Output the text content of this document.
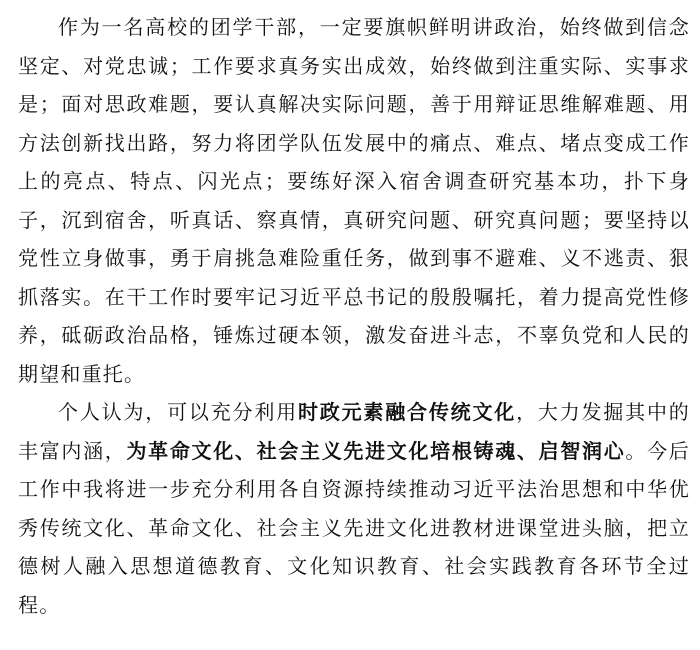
作为一名高校的团学干部，一定要旗帜鲜明讲政治，始终做到信念坚定、对党忠诚；工作要求真务实出成效，始终做到注重实际、实事求是；面对思政难题，要认真解决实际问题，善于用辩证思维解难题、用方法创新找出路，努力将团学队伍发展中的痛点、难点、堵点变成工作上的亮点、特点、闪光点；要练好深入宿舍调查研究基本功，扑下身子，沉到宿舍，听真话、察真情，真研究问题、研究真问题；要坚持以党性立身做事，勇于肩挑急难险重任务，做到事不避难、义不逃责、狠抓落实。在干工作时要牢记习近平总书记的殷殷嘱托，着力提高党性修养，砥砺政治品格，锤炼过硬本领，激发奋进斗志，不辜负党和人民的期望和重托。

个人认为，可以充分利用时政元素融合传统文化，大力发掘其中的丰富内涵，为革命文化、社会主义先进文化培根铸魂、启智润心。今后工作中我将进一步充分利用各自资源持续推动习近平法治思想和中华优秀传统文化、革命文化、社会主义先进文化进教材进课堂进头脑，把立德树人融入思想道德教育、文化知识教育、社会实践教育各环节全过程。
